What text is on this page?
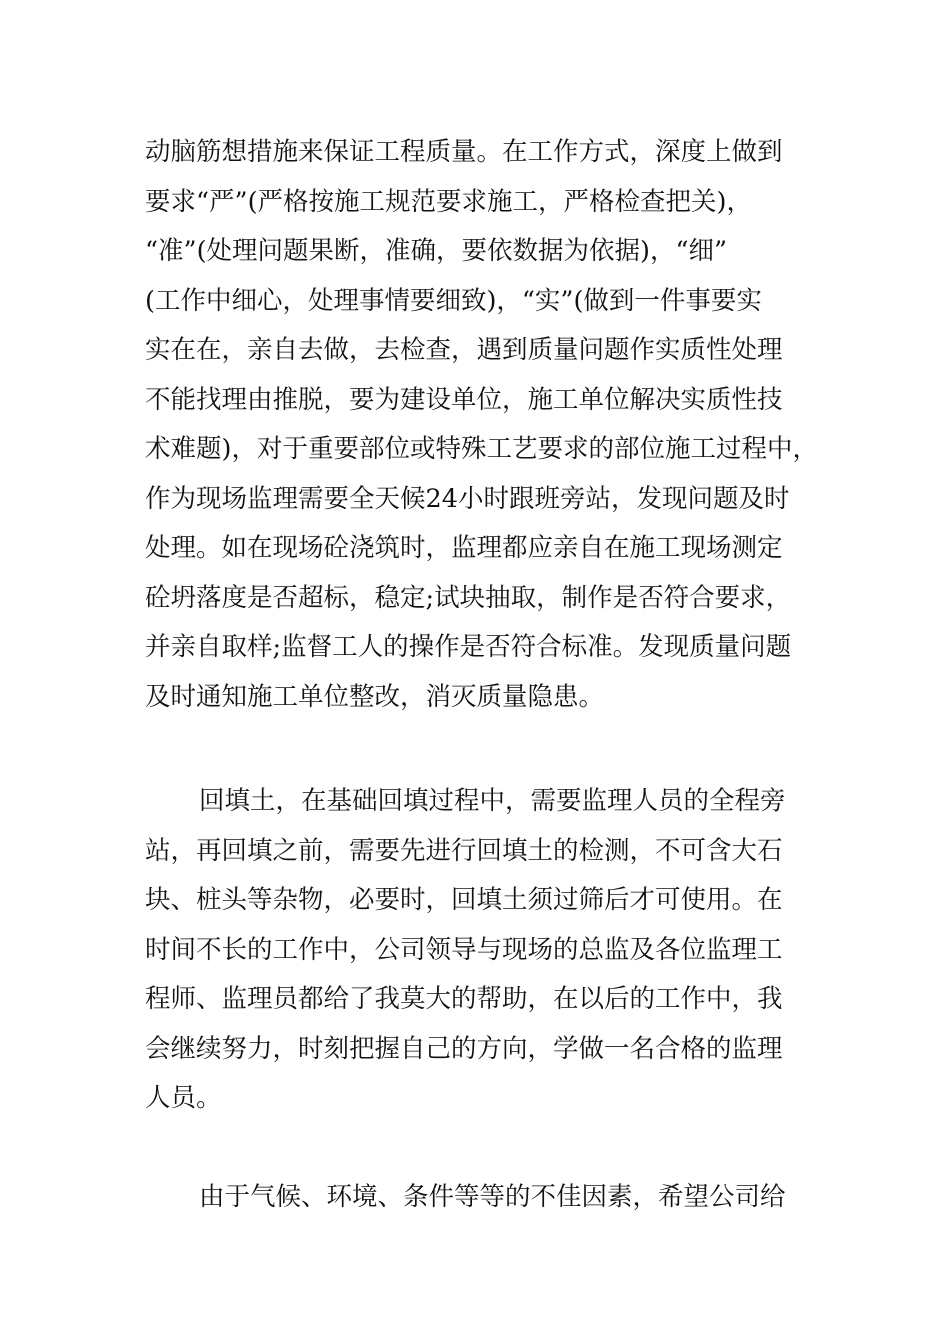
动脑筋想措施来保证工程质量。在工作方式，深度上做到
要求“严”(严格按施工规范要求施工，严格检查把关)，
“准”(处理问题果断，准确，要依数据为依据)，“细”
(工作中细心，处理事情要细致)，“实”(做到一件事要实
实在在，亲自去做，去检查，遇到质量问题作实质性处理
不能找理由推脱，要为建设单位，施工单位解决实质性技
术难题)，对于重要部位或特殊工艺要求的部位施工过程中，
作为现场监理需要全天候24小时跟班旁站，发现问题及时
处理。如在现场砼浇筑时，监理都应亲自在施工现场测定
砼坍落度是否超标，稳定;试块抽取，制作是否符合要求，
并亲自取样;监督工人的操作是否符合标准。发现质量问题
及时通知施工单位整改，消灭质量隐患。
回填土，在基础回填过程中，需要监理人员的全程旁
站，再回填之前，需要先进行回填土的检测，不可含大石
块、桩头等杂物，必要时，回填土须过筛后才可使用。在
时间不长的工作中，公司领导与现场的总监及各位监理工
程师、监理员都给了我莫大的帮助，在以后的工作中，我
会继续努力，时刻把握自己的方向，学做一名合格的监理
人员。
由于气候、环境、条件等等的不佳因素，希望公司给
